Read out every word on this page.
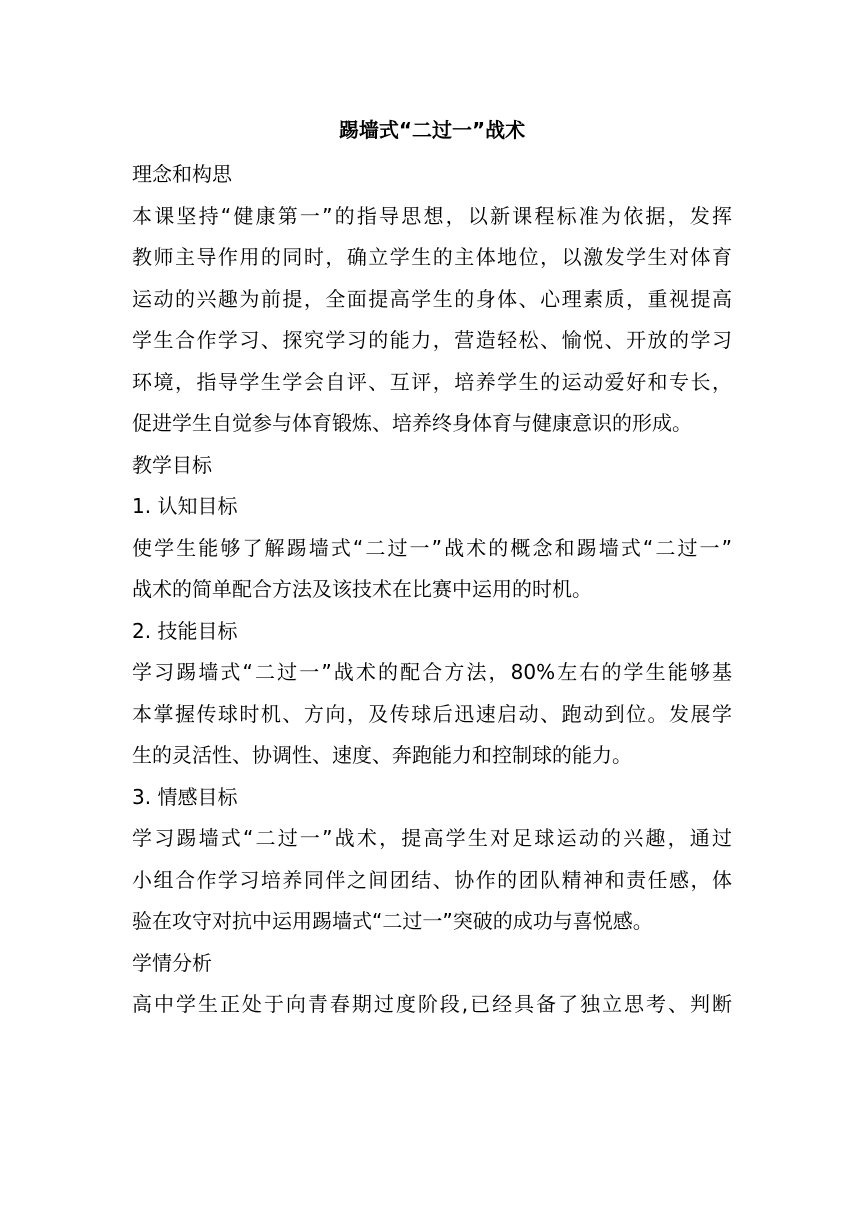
踢墙式“二过一”战术
理念和构思
本课坚持“健康第一”的指导思想，以新课程标准为依据，发挥
教师主导作用的同时，确立学生的主体地位，以激发学生对体育
运动的兴趣为前提，全面提高学生的身体、心理素质，重视提高
学生合作学习、探究学习的能力，营造轻松、愉悦、开放的学习
环境，指导学生学会自评、互评，培养学生的运动爱好和专长，
促进学生自觉参与体育锻炼、培养终身体育与健康意识的形成。
教学目标
1. 认知目标
使学生能够了解踢墙式“二过一”战术的概念和踢墙式“二过一”
战术的简单配合方法及该技术在比赛中运用的时机。
2. 技能目标
学习踢墙式“二过一”战术的配合方法，80%左右的学生能够基
本掌握传球时机、方向，及传球后迅速启动、跑动到位。发展学
生的灵活性、协调性、速度、奔跑能力和控制球的能力。
3. 情感目标
学习踢墙式“二过一”战术，提高学生对足球运动的兴趣，通过
小组合作学习培养同伴之间团结、协作的团队精神和责任感，体
验在攻守对抗中运用踢墙式“二过一”突破的成功与喜悦感。
学情分析
高中学生正处于向青春期过度阶段,已经具备了独立思考、判断
